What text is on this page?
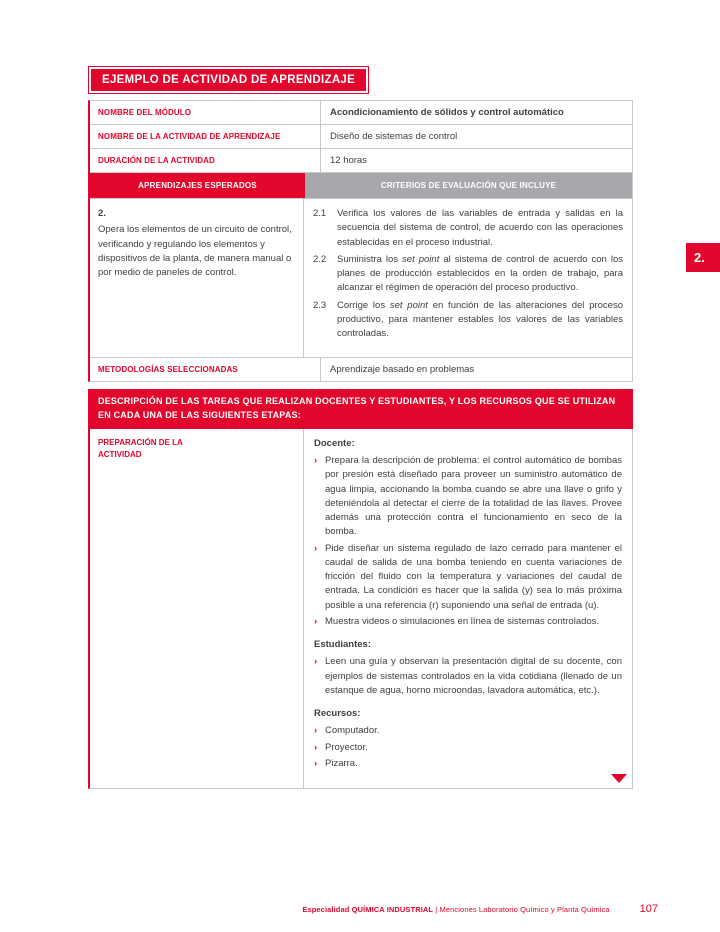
2.
EJEMPLO DE ACTIVIDAD DE APRENDIZAJE
NOMBRE DEL MÓDULO	Acondicionamiento de sólidos y control automático
NOMBRE DE LA ACTIVIDAD DE APRENDIZAJE	Diseño de sistemas de control
DURACIÓN DE LA ACTIVIDAD	12 horas
APRENDIZAJES ESPERADOS	CRITERIOS DE EVALUACIÓN QUE INCLUYE

2.

Opera los elementos de un circuito de control, verificando y regulando los elementos y dispositivos de la planta, de manera manual o por medio de paneles de control.

2.1	Verifica los valores de las variables de entrada y salidas en la secuencia del sistema de control, de acuerdo con las operaciones establecidas en el proceso industrial.
2.2	Suministra los set point al sistema de control de acuerdo con los planes de producción establecidos en la orden de trabajo, para alcanzar el régimen de operación del proceso productivo.
2.3	Corrige los set point en función de las alteraciones del proceso productivo, para mantener estables los valores de las variables controladas.
METODOLOGÍAS SELECCIONADAS	Aprendizaje basado en problemas
DESCRIPCIÓN DE LAS TAREAS QUE REALIZAN DOCENTES Y ESTUDIANTES, Y LOS RECURSOS QUE SE UTILIZAN EN CADA UNA DE LAS SIGUIENTES ETAPAS:
PREPARACIÓN DE LA ACTIVIDAD

Docente:

› Prepara la descripción de problema: el control automático de bombas por presión está diseñado para proveer un suministro automático de agua limpia, accionando la bomba cuando se abre una llave o grifo y deteniéndola al detectar el cierre de la totalidad de las llaves. Provee además una protección contra el funcionamiento en seco de la bomba.
› Pide diseñar un sistema regulado de lazo cerrado para mantener el caudal de salida de una bomba teniendo en cuenta variaciones de fricción del fluido con la temperatura y variaciones del caudal de entrada. La condición es hacer que la salida (y) sea lo más próxima posible a una referencia (r) suponiendo una señal de entrada (u).
› Muestra videos o simulaciones en línea de sistemas controlados.

Estudiantes:

› Leen una guía y observan la presentación digital de su docente, con ejemplos de sistemas controlados en la vida cotidiana (llenado de un estanque de agua, horno microondas, lavadora automática, etc.).

Recursos:

› Computador.
› Proyector.
› Pizarra.
Especialidad QUÍMICA INDUSTRIAL | Menciones Laboratorio Químico y Planta Química	107
